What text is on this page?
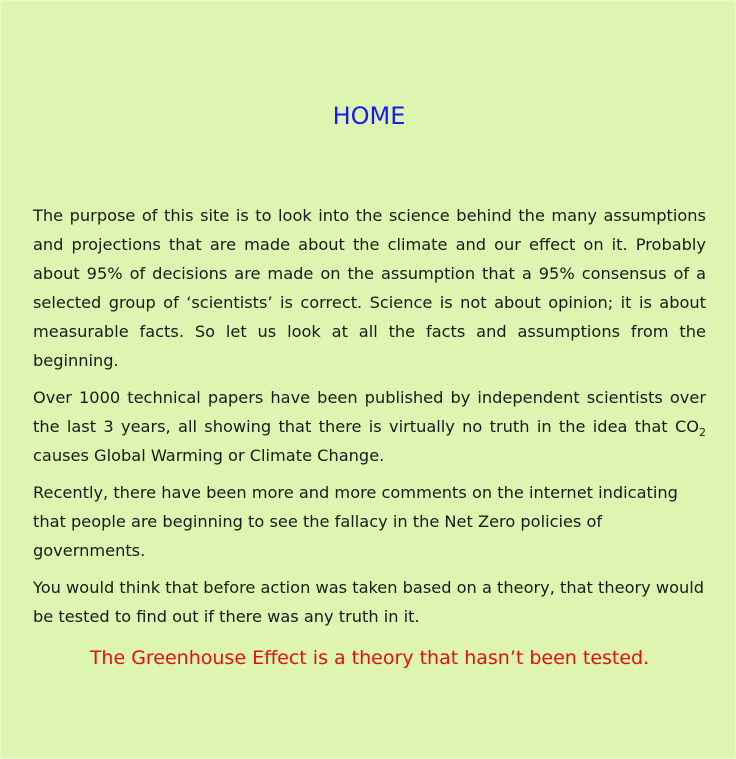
HOME

The purpose of this site is to look into the science behind the many assumptions and projections that are made about the climate and our effect on it. Probably about 95% of decisions are made on the assumption that a 95% consensus of a selected group of ‘scientists’ is correct. Science is not about opinion; it is about measurable facts. So let us look at all the facts and assumptions from the beginning.

Over 1000 technical papers have been published by independent scientists over the last 3 years, all showing that there is virtually no truth in the idea that $CO_2$ causes Global Warming or Climate Change.

Recently, there have been more and more comments on the internet indicating that people are beginning to see the fallacy in the Net Zero policies of governments.

You would think that before action was taken based on a theory, that theory would be tested to find out if there was any truth in it.

The Greenhouse Effect is a theory that hasn’t been tested.
